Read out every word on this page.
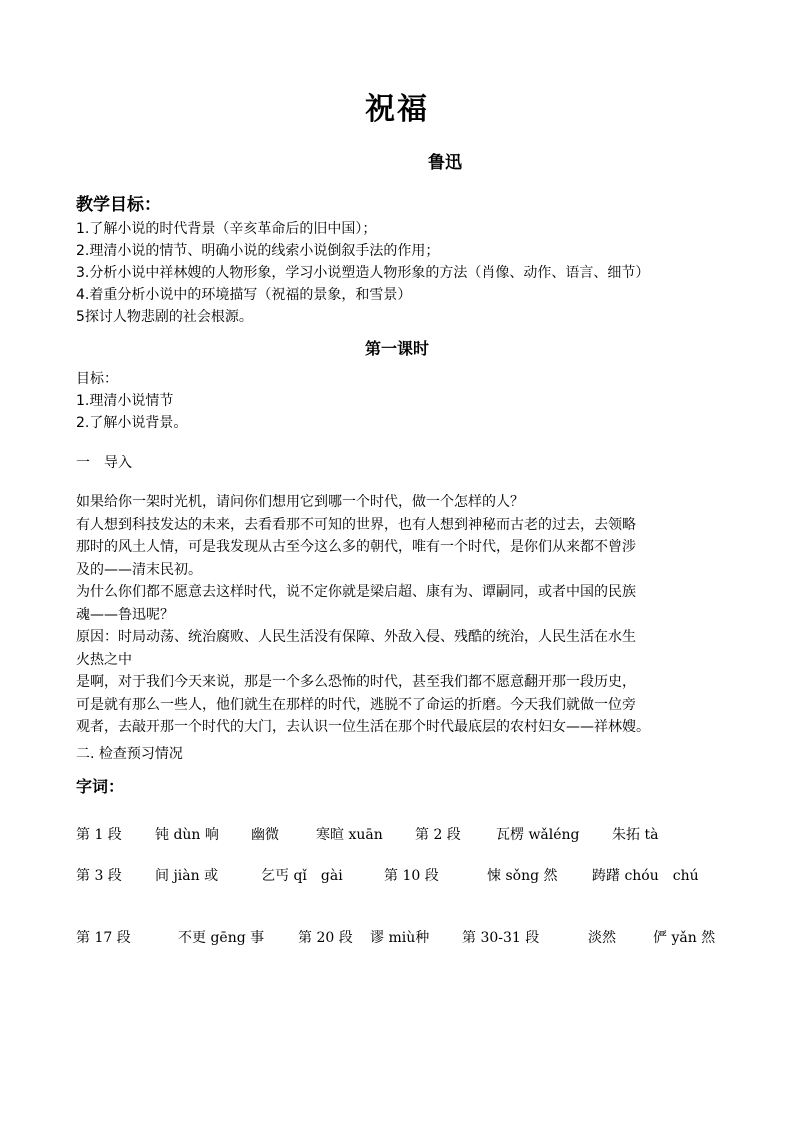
祝福
鲁迅
教学目标：
1.了解小说的时代背景（辛亥革命后的旧中国）；
2.理清小说的情节、明确小说的线索小说倒叙手法的作用；
3.分析小说中祥林嫂的人物形象，学习小说塑造人物形象的方法（肖像、动作、语言、细节）
4.着重分析小说中的环境描写（祝福的景象，和雪景）
5探讨人物悲剧的社会根源。
第一课时
目标：
1.理清小说情节
2.了解小说背景。
一　导入
如果给你一架时光机，请问你们想用它到哪一个时代，做一个怎样的人？
有人想到科技发达的未来，去看看那不可知的世界，也有人想到神秘而古老的过去，去领略
那时的风土人情，可是我发现从古至今这么多的朝代，唯有一个时代，是你们从来都不曾涉
及的——清末民初。
为什么你们都不愿意去这样时代，说不定你就是梁启超、康有为、谭嗣同，或者中国的民族
魂——鲁迅呢？
原因：时局动荡、统治腐败、人民生活没有保障、外敌入侵、残酷的统治，人民生活在水生
火热之中
是啊，对于我们今天来说，那是一个多么恐怖的时代，甚至我们都不愿意翻开那一段历史，
可是就有那么一些人，他们就生在那样的时代，逃脱不了命运的折磨。今天我们就做一位旁
观者，去敲开那一个时代的大门，去认识一位生活在那个时代最底层的农村妇女——祥林嫂。
二. 检查预习情况
字词：
第 1 段 钝 dùn 响 幽微	寒暄 xuān 第 2 段	瓦楞 wǎléng 朱拓 tà
第 3 段 间 jiàn 或	乞丐 qǐ　gài	第 10 段	悚 sǒng 然 踌躇 chóu　chú
第 17 段	不更 gēng 事 第 20 段 谬 miù种 第 30-31 段	淡然	俨 yǎn 然
